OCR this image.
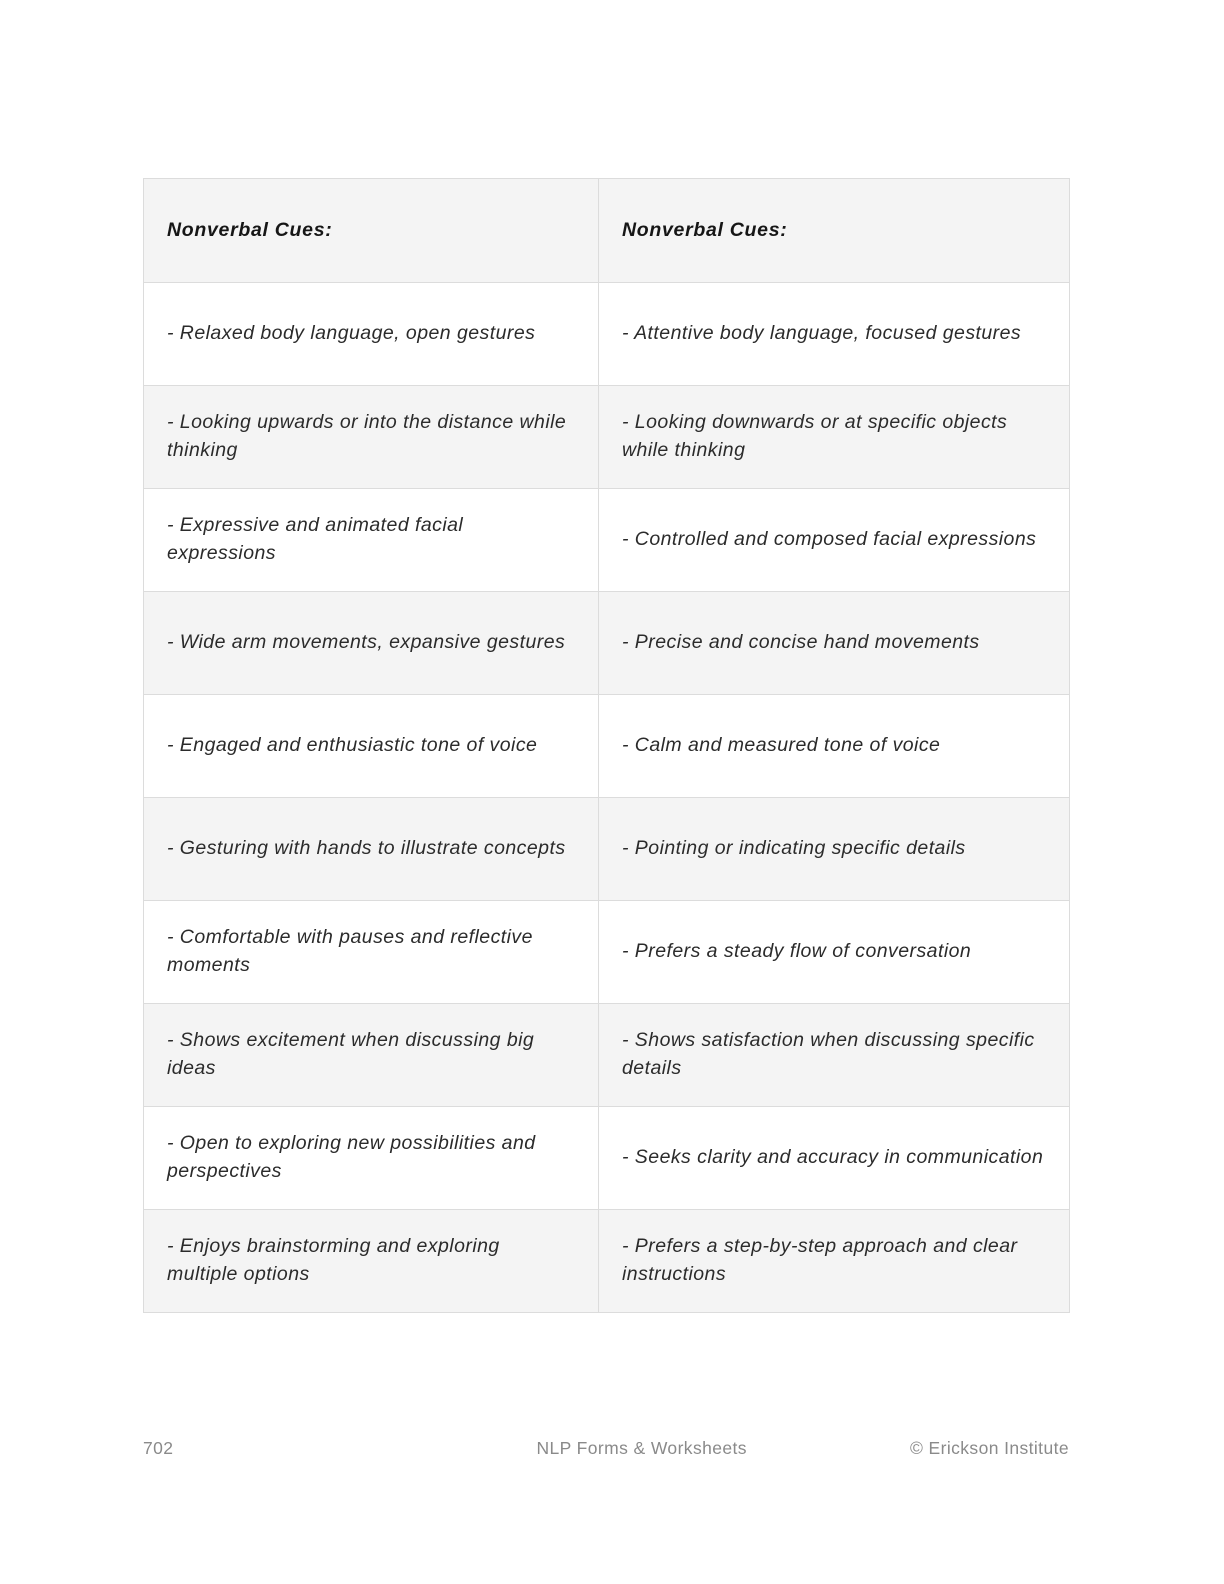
Nonverbal Cues:	Nonverbal Cues:
- Relaxed body language, open gestures	- Attentive body language, focused gestures
- Looking upwards or into the distance while thinking	- Looking downwards or at specific objects while thinking
- Expressive and animated facial expressions	- Controlled and composed facial expressions
- Wide arm movements, expansive gestures	- Precise and concise hand movements
- Engaged and enthusiastic tone of voice	- Calm and measured tone of voice
- Gesturing with hands to illustrate concepts	- Pointing or indicating specific details
- Comfortable with pauses and reflective moments	- Prefers a steady flow of conversation
- Shows excitement when discussing big ideas	- Shows satisfaction when discussing specific details
- Open to exploring new possibilities and perspectives	- Seeks clarity and accuracy in communication
- Enjoys brainstorming and exploring multiple options	- Prefers a step-by-step approach and clear instructions
702	NLP Forms & Worksheets	© Erickson Institute
